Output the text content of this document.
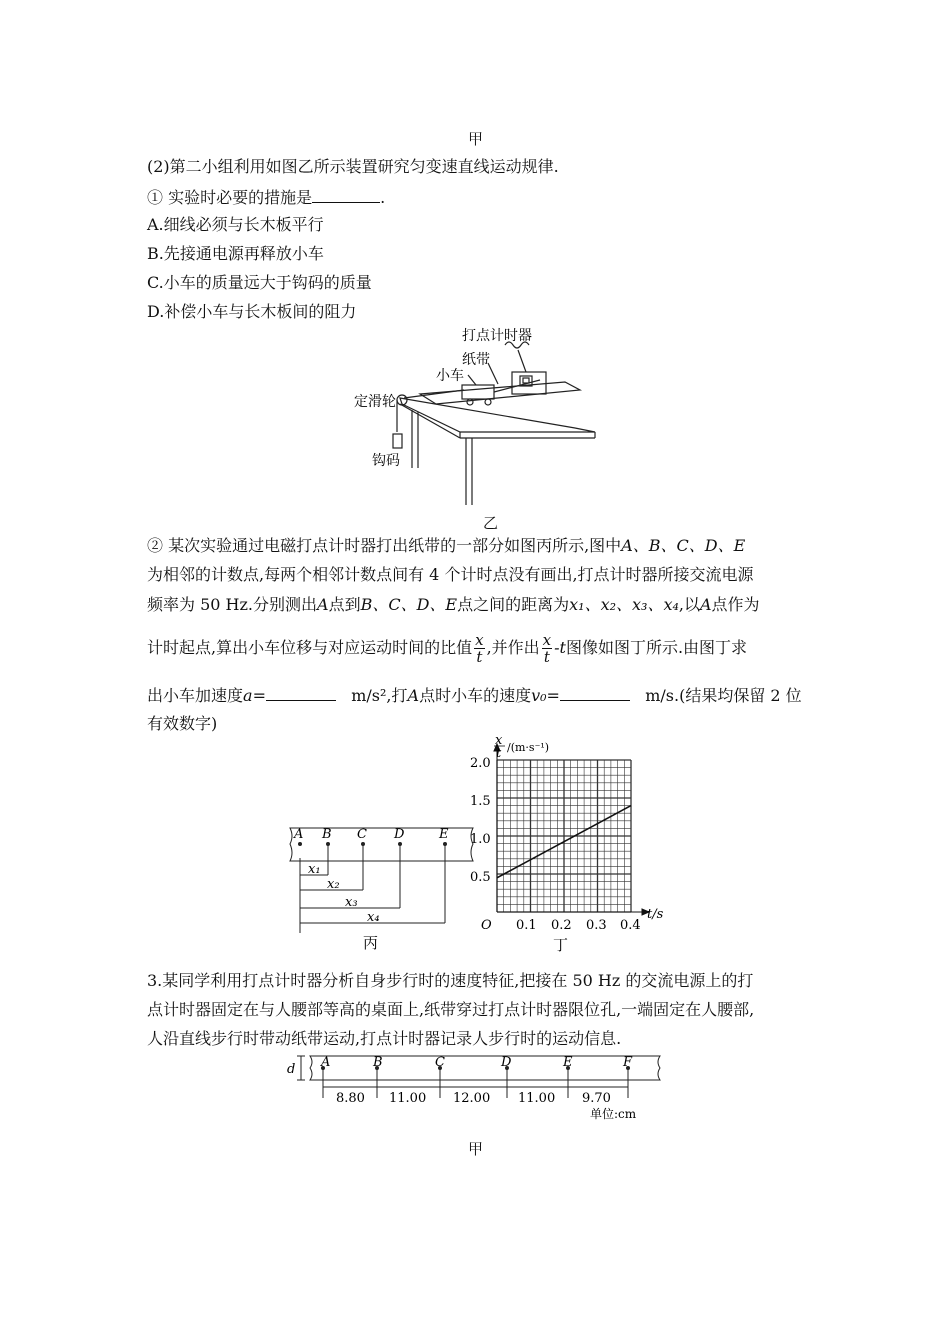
甲
(2)第二小组利用如图乙所示装置研究匀变速直线运动规律.
① 实验时必要的措施是	.
A.细线必须与长木板平行
B.先接通电源再释放小车
C.小车的质量远大于钩码的质量
D.补偿小车与长木板间的阻力
打点计时器
纸带
小车
定滑轮
钩码
乙
② 某次实验通过电磁打点计时器打出纸带的一部分如图丙所示,图中A、B、C、D、E
为相邻的计数点,每两个相邻计数点间有 4 个计时点没有画出,打点计时器所接交流电源
频率为 50 Hz.分别测出A点到B、C、D、E点之间的距离为x₁、x₂、x₃、x₄,以A点作为
计时起点,算出小车位移与对应运动时间的比值 $\frac{x}{t}$ ,并作出 $\frac{x}{t} -t$图像如图丁所示.由图丁求
出小车加速度a=	m/s²,打A点时小车的速度v₀=	m/s.(结果均保留 2 位
有效数字)
A B C D	E
x₁
x₂
x₃
x₄
丙
x
t /(m·s⁻¹)
t/s
O 0.1 0.2 0.3 0.4
0.5
1.0
1.5
2.0
丁
3.某同学利用打点计时器分析自身步行时的速度特征,把接在 50 Hz 的交流电源上的打
点计时器固定在与人腰部等高的桌面上,纸带穿过打点计时器限位孔,一端固定在人腰部,
人沿直线步行时带动纸带运动,打点计时器记录人步行时的运动信息.
d A	B	C	D	E	F
8.80 11.00 12.00 11.00 9.70
单位:cm
甲
